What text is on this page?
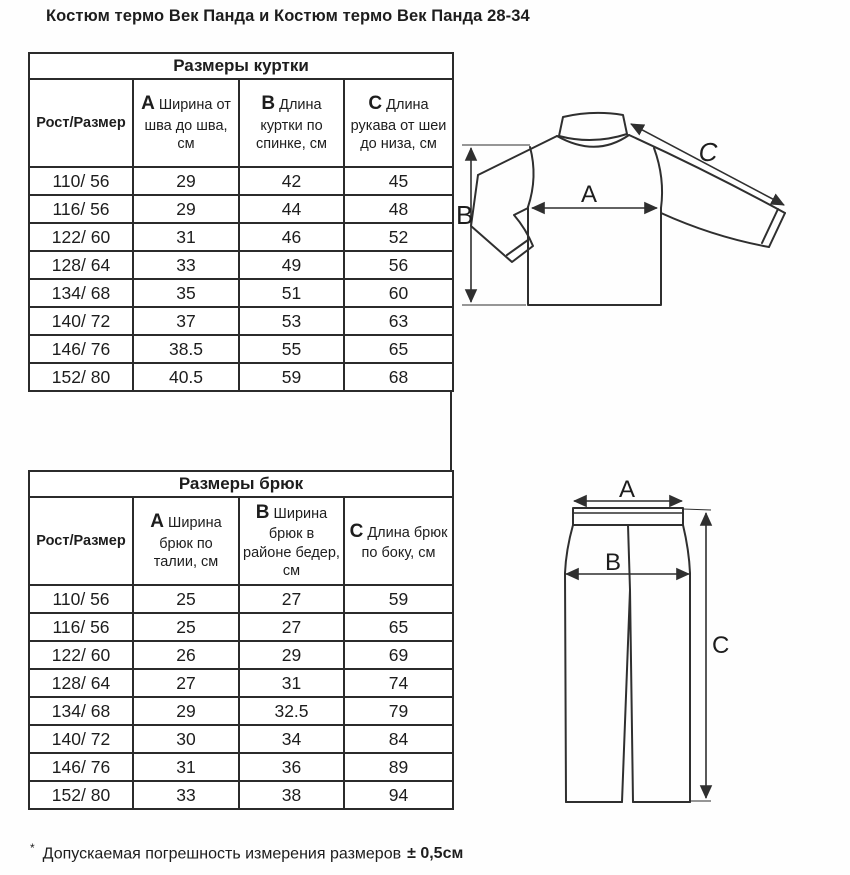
Костюм термо Век Панда и Костюм термо Век Панда 28-34
Размеры куртки			
Рост/Размер	A Ширина от шва до шва, см	B Длина куртки по спинке, см	C Длина рукава от шеи до низа, см
110/ 56	29	42	45
116/ 56	29	44	48
122/ 60	31	46	52
128/ 64	33	49	56
134/ 68	35	51	60
140/ 72	37	53	63
146/ 76	38.5	55	65
152/ 80	40.5	59	68
Размеры брюк			
Рост/Размер	A Ширина брюк по талии, см	B Ширина брюк в районе бедер, см	C Длина брюк по боку, см
110/ 56	25	27	59
116/ 56	25	27	65
122/ 60	26	29	69
128/ 64	27	31	74
134/ 68	29	32.5	79
140/ 72	30	34	84
146/ 76	31	36	89
152/ 80	33	38	94
A
B
C
A
B
C
* Допускаемая погрешность измерения размеров ± 0,5см
